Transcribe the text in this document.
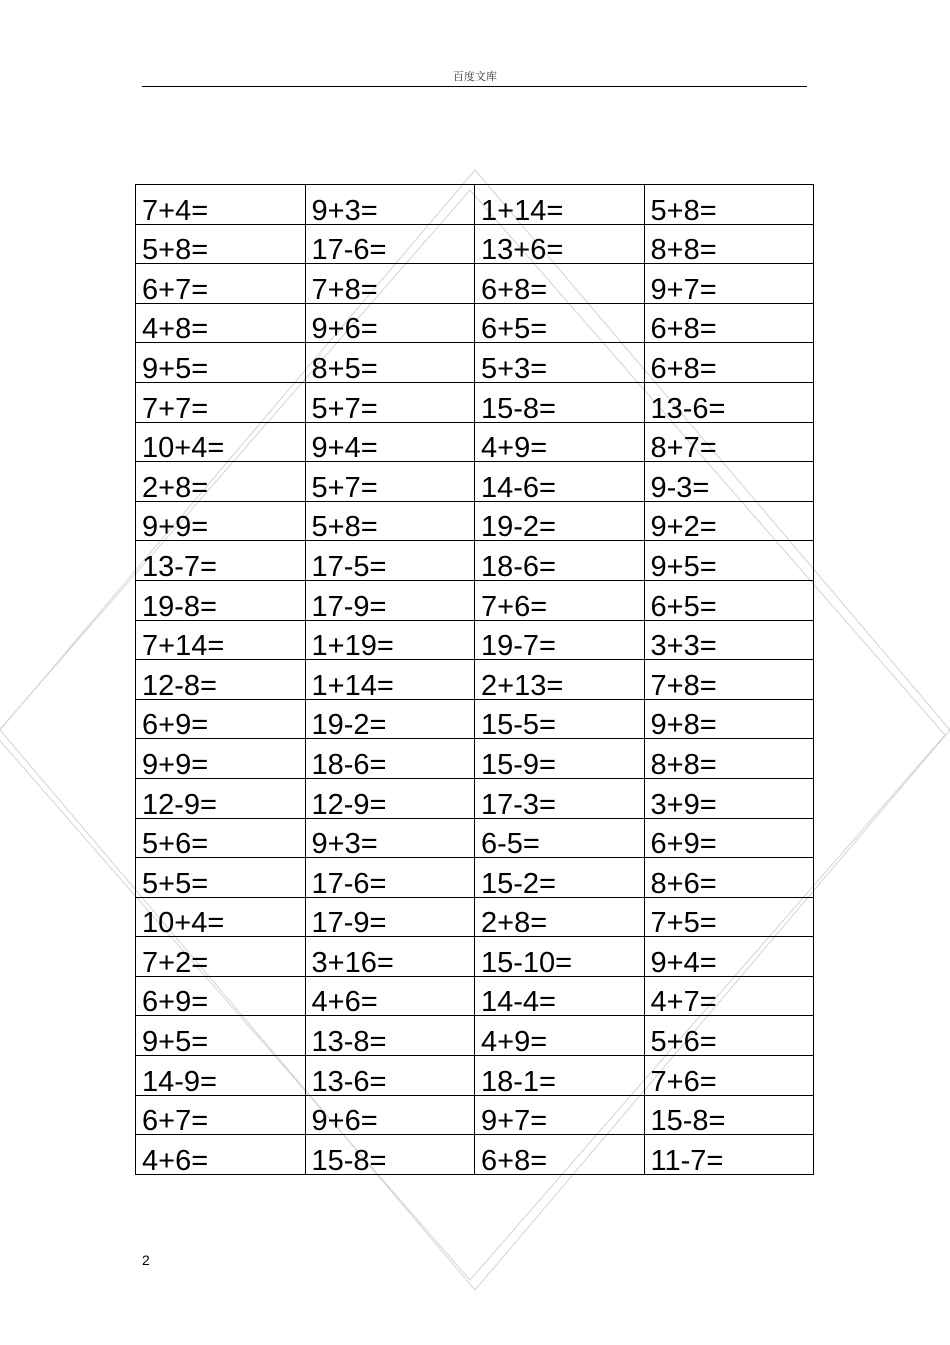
百度文库
7+4=	9+3=	1+14=	5+8=
5+8=	17-6=	13+6=	8+8=
6+7=	7+8=	6+8=	9+7=
4+8=	9+6=	6+5=	6+8=
9+5=	8+5=	5+3=	6+8=
7+7=	5+7=	15-8=	13-6=
10+4=	9+4=	4+9=	8+7=
2+8=	5+7=	14-6=	9-3=
9+9=	5+8=	19-2=	9+2=
13-7=	17-5=	18-6=	9+5=
19-8=	17-9=	7+6=	6+5=
7+14=	1+19=	19-7=	3+3=
12-8=	1+14=	2+13=	7+8=
6+9=	19-2=	15-5=	9+8=
9+9=	18-6=	15-9=	8+8=
12-9=	12-9=	17-3=	3+9=
5+6=	9+3=	6-5=	6+9=
5+5=	17-6=	15-2=	8+6=
10+4=	17-9=	2+8=	7+5=
7+2=	3+16=	15-10=	9+4=
6+9=	4+6=	14-4=	4+7=
9+5=	13-8=	4+9=	5+6=
14-9=	13-6=	18-1=	7+6=
6+7=	9+6=	9+7=	15-8=
4+6=	15-8=	6+8=	11-7=
2
